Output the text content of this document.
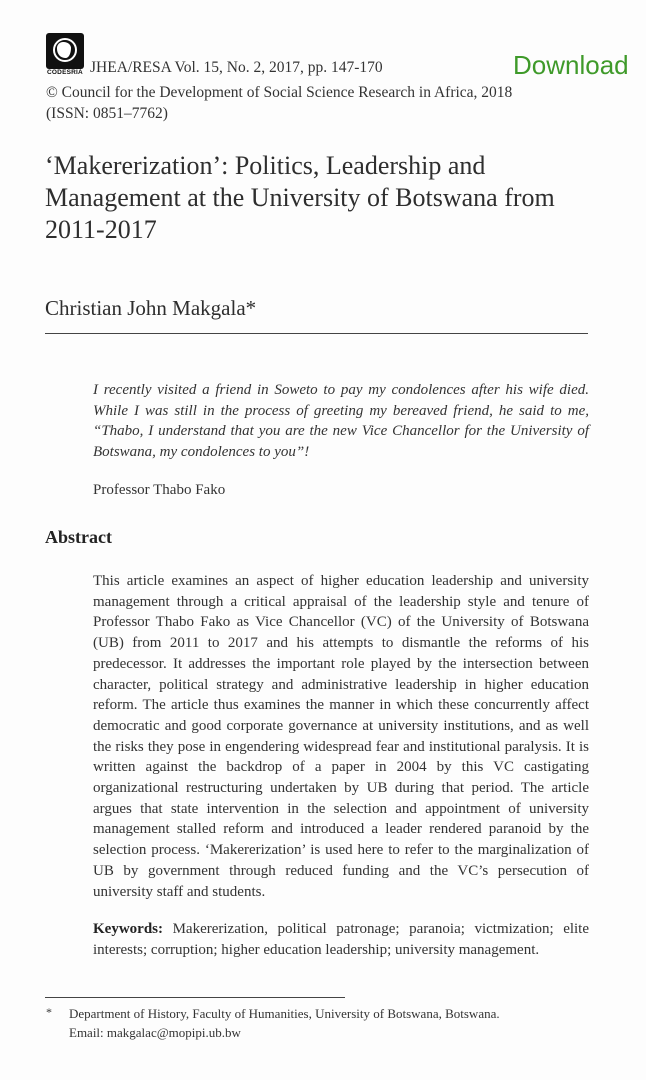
CODESRIA JHEA/RESA Vol. 15, No. 2, 2017, pp. 147-170	Download
© Council for the Development of Social Science Research in Africa, 2018
(ISSN: 0851–7762)
‘Makererization’: Politics, Leadership and Management at the University of Botswana from 2011-2017
Christian John Makgala*
I recently visited a friend in Soweto to pay my condolences after his wife died. While I was still in the process of greeting my bereaved friend, he said to me, “Thabo, I understand that you are the new Vice Chancellor for the University of Botswana, my condolences to you”!
Professor Thabo Fako
Abstract
This article examines an aspect of higher education leadership and university management through a critical appraisal of the leadership style and tenure of Professor Thabo Fako as Vice Chancellor (VC) of the University of Botswana (UB) from 2011 to 2017 and his attempts to dismantle the reforms of his predecessor. It addresses the important role played by the intersection between character, political strategy and administrative leadership in higher education reform. The article thus examines the manner in which these concurrently affect democratic and good corporate governance at university institutions, and as well the risks they pose in engendering widespread fear and institutional paralysis. It is written against the backdrop of a paper in 2004 by this VC castigating organizational restructuring undertaken by UB during that period. The article argues that state intervention in the selection and appointment of university management stalled reform and introduced a leader rendered paranoid by the selection process. ‘Makererization’ is used here to refer to the marginalization of UB by government through reduced funding and the VC’s persecution of university staff and students.
Keywords: Makererization, political patronage; paranoia; victmization; elite interests; corruption; higher education leadership; university management.
* Department of History, Faculty of Humanities, University of Botswana, Botswana.
Email: makgalac@mopipi.ub.bw
